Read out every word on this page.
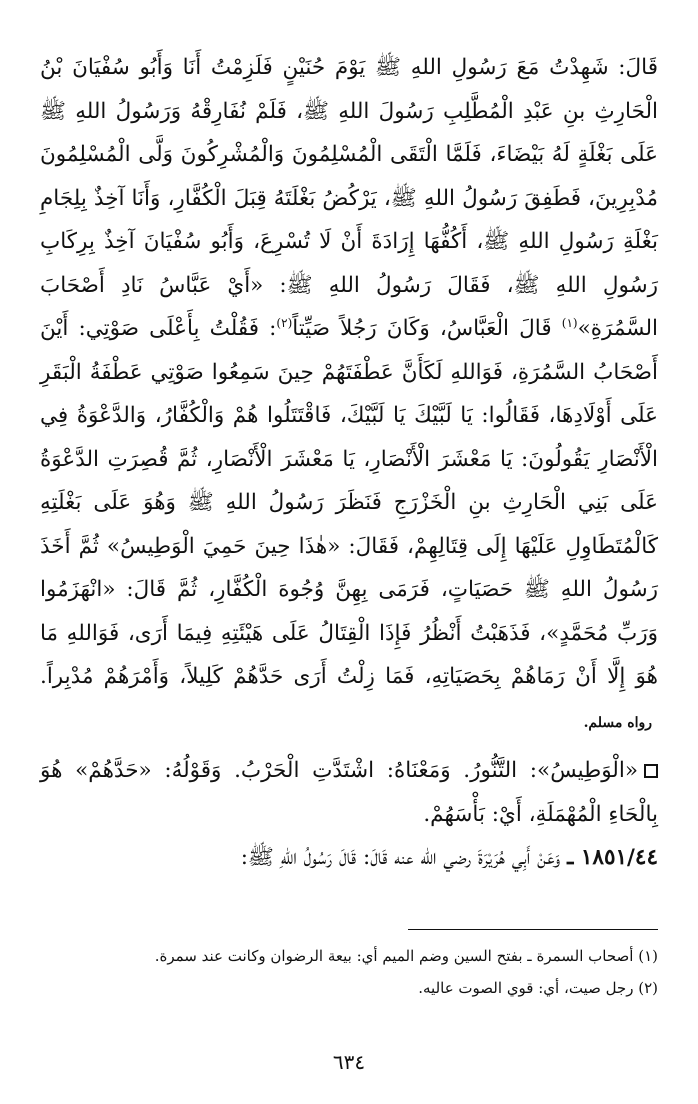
قَالَ: شَهِدْتُ مَعَ رَسُولِ اللهِ ﷺ يَوْمَ حُنَيْنٍ فَلَزِمْتُ أَنَا وَأَبُو سُفْيَانَ بْنُ الْحَارِثِ بنِ عَبْدِ الْمُطَّلِبِ رَسُولَ اللهِ ﷺ، فَلَمْ نُفَارِقْهُ وَرَسُولُ اللهِ ﷺ عَلَى بَغْلَةٍ لَهُ بَيْضَاءَ، فَلَمَّا الْتَقَى الْمُسْلِمُونَ وَالْمُشْرِكُونَ وَلَّى الْمُسْلِمُونَ مُدْبِرِينَ، فَطَفِقَ رَسُولُ اللهِ ﷺ، يَرْكُضُ بَغْلَتَهُ قِبَلَ الْكُفَّارِ، وَأَنَا آخِذٌ بِلِجَامِ بَغْلَةِ رَسُولِ اللهِ ﷺ، أَكُفُّهَا إِرَادَةَ أَنْ لَا تُسْرِعَ، وَأَبُو سُفْيَانَ آخِذٌ بِرِكَابِ رَسُولِ اللهِ ﷺ، فَقَالَ رَسُولُ اللهِ ﷺ: «أَيْ عَبَّاسُ نَادِ أَصْحَابَ السَّمُرَةِ»$^{(١)}$ قَالَ الْعَبَّاسُ، وَكَانَ رَجُلاً صَيِّتاً$^{(٢)}$: فَقُلْتُ بِأَعْلَى صَوْتِي: أَيْنَ أَصْحَابُ السَّمُرَةِ، فَوَاللهِ لَكَأَنَّ عَطْفَتَهُمْ حِينَ سَمِعُوا صَوْتِي عَطْفَةُ الْبَقَرِ عَلَى أَوْلَادِهَا، فَقَالُوا: يَا لَبَّيْكَ يَا لَبَّيْكَ، فَاقْتَتَلُوا هُمْ وَالْكُفَّارُ، وَالدَّعْوَةُ فِي الْأَنْصَارِ يَقُولُونَ: يَا مَعْشَرَ الْأَنْصَارِ، يَا مَعْشَرَ الْأَنْصَارِ، ثُمَّ قُصِرَتِ الدَّعْوَةُ عَلَى بَنِي الْحَارِثِ بنِ الْخَزْرَجِ فَنَظَرَ رَسُولُ اللهِ ﷺ وَهُوَ عَلَى بَغْلَتِهِ كَالْمُتَطَاوِلِ عَلَيْهَا إِلَى قِتَالِهِمْ، فَقَالَ: «هٰذَا حِينَ حَمِيَ الْوَطِيسُ» ثُمَّ أَخَذَ رَسُولُ اللهِ ﷺ حَصَيَاتٍ، فَرَمَى بِهِنَّ وُجُوهَ الْكُفَّارِ، ثُمَّ قَالَ: «انْهَزَمُوا وَرَبِّ مُحَمَّدٍ»، فَذَهَبْتُ أَنْظُرُ فَإِذَا الْقِتَالُ عَلَى هَيْئَتِهِ فِيمَا أَرَى، فَوَاللهِ مَا هُوَ إِلَّا أَنْ رَمَاهُمْ بِحَصَيَاتِهِ، فَمَا زِلْتُ أَرَى حَدَّهُمْ كَلِيلاً، وَأَمْرَهُمْ مُدْبِراً. رواه مسلم.

«الْوَطِيسُ»: التَّنُّورُ. وَمَعْنَاهُ: اشْتَدَّتِ الْحَرْبُ. وَقَوْلُهُ: «حَدَّهُمْ» هُوَ بِالْحَاءِ الْمُهْمَلَةِ، أَيْ: بَأْسَهُمْ.

١٨٥١/٤٤ ـ وَعَنْ أَبِي هُرَيْرَةَ رضي الله عنه قَالَ: قَالَ رَسُولُ اللهِ ﷺ:

(١) أصحاب السمرة ـ بفتح السين وضم الميم أي: بيعة الرضوان وكانت عند سمرة.

(٢) رجل صيت، أي: قوي الصوت عاليه.

٦٣٤
